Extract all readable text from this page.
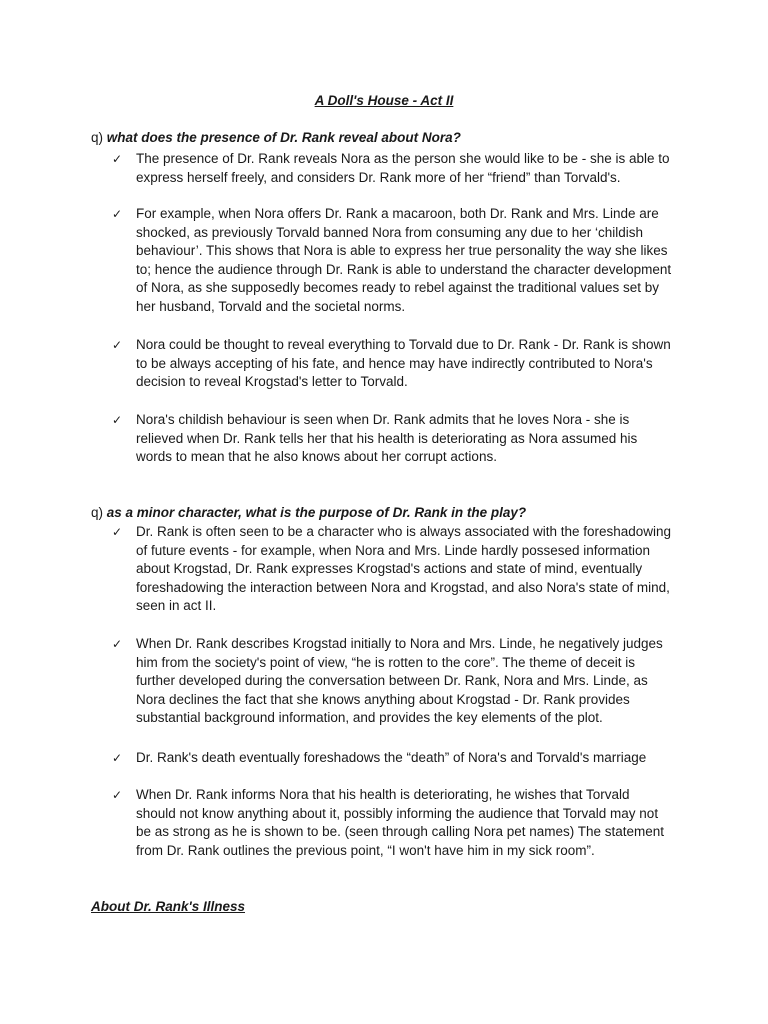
A Doll's House - Act II

q) what does the presence of Dr. Rank reveal about Nora?

✓	The presence of Dr. Rank reveals Nora as the person she would like to be - she is able to express herself freely, and considers Dr. Rank more of her “friend” than Torvald's.

✓	For example, when Nora offers Dr. Rank a macaroon, both Dr. Rank and Mrs. Linde are shocked, as previously Torvald banned Nora from consuming any due to her ‘childish behaviour’. This shows that Nora is able to express her true personality the way she likes to; hence the audience through Dr. Rank is able to understand the character development of Nora, as she supposedly becomes ready to rebel against the traditional values set by her husband, Torvald and the societal norms.

✓	Nora could be thought to reveal everything to Torvald due to Dr. Rank - Dr. Rank is shown to be always accepting of his fate, and hence may have indirectly contributed to Nora's decision to reveal Krogstad's letter to Torvald.

✓	Nora's childish behaviour is seen when Dr. Rank admits that he loves Nora - she is relieved when Dr. Rank tells her that his health is deteriorating as Nora assumed his words to mean that he also knows about her corrupt actions.

q) as a minor character, what is the purpose of Dr. Rank in the play?

✓	Dr. Rank is often seen to be a character who is always associated with the foreshadowing of future events - for example, when Nora and Mrs. Linde hardly possesed information about Krogstad, Dr. Rank expresses Krogstad's actions and state of mind, eventually foreshadowing the interaction between Nora and Krogstad, and also Nora's state of mind, seen in act II.

✓	When Dr. Rank describes Krogstad initially to Nora and Mrs. Linde, he negatively judges him from the society's point of view, “he is rotten to the core”. The theme of deceit is further developed during the conversation between Dr. Rank, Nora and Mrs. Linde, as Nora declines the fact that she knows anything about Krogstad - Dr. Rank provides substantial background information, and provides the key elements of the plot.

✓	Dr. Rank's death eventually foreshadows the “death” of Nora's and Torvald's marriage

✓	When Dr. Rank informs Nora that his health is deteriorating, he wishes that Torvald should not know anything about it, possibly informing the audience that Torvald may not be as strong as he is shown to be. (seen through calling Nora pet names) The statement from Dr. Rank outlines the previous point, “I won't have him in my sick room”.

About Dr. Rank's Illness
